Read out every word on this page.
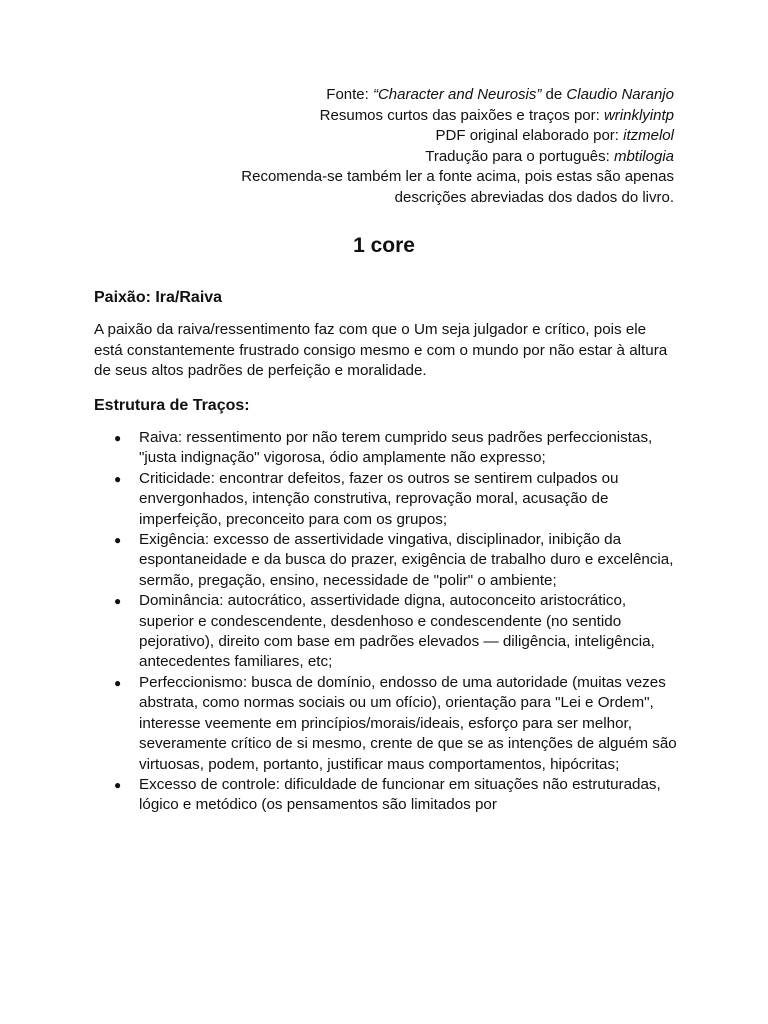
Fonte: “Character and Neurosis” de Claudio Naranjo
Resumos curtos das paixões e traços por: wrinklyintp
PDF original elaborado por: itzmelol
Tradução para o português: mbtilogia
Recomenda-se também ler a fonte acima, pois estas são apenas
descrições abreviadas dos dados do livro.
1 core
Paixão: Ira/Raiva
A paixão da raiva/ressentimento faz com que o Um seja julgador e crítico, pois ele está constantemente frustrado consigo mesmo e com o mundo por não estar à altura de seus altos padrões de perfeição e moralidade.
Estrutura de Traços:
● Raiva: ressentimento por não terem cumprido seus padrões perfeccionistas, "justa indignação" vigorosa, ódio amplamente não expresso;
● Criticidade: encontrar defeitos, fazer os outros se sentirem culpados ou envergonhados, intenção construtiva, reprovação moral, acusação de imperfeição, preconceito para com os grupos;
● Exigência: excesso de assertividade vingativa, disciplinador, inibição da espontaneidade e da busca do prazer, exigência de trabalho duro e excelência, sermão, pregação, ensino, necessidade de "polir" o ambiente;
● Dominância: autocrático, assertividade digna, autoconceito aristocrático, superior e condescendente, desdenhoso e condescendente (no sentido pejorativo), direito com base em padrões elevados — diligência, inteligência, antecedentes familiares, etc;
● Perfeccionismo: busca de domínio, endosso de uma autoridade (muitas vezes abstrata, como normas sociais ou um ofício), orientação para "Lei e Ordem", interesse veemente em princípios/morais/ideais, esforço para ser melhor, severamente crítico de si mesmo, crente de que se as intenções de alguém são virtuosas, podem, portanto, justificar maus comportamentos, hipócritas;
● Excesso de controle: dificuldade de funcionar em situações não estruturadas, lógico e metódico (os pensamentos são limitados por
